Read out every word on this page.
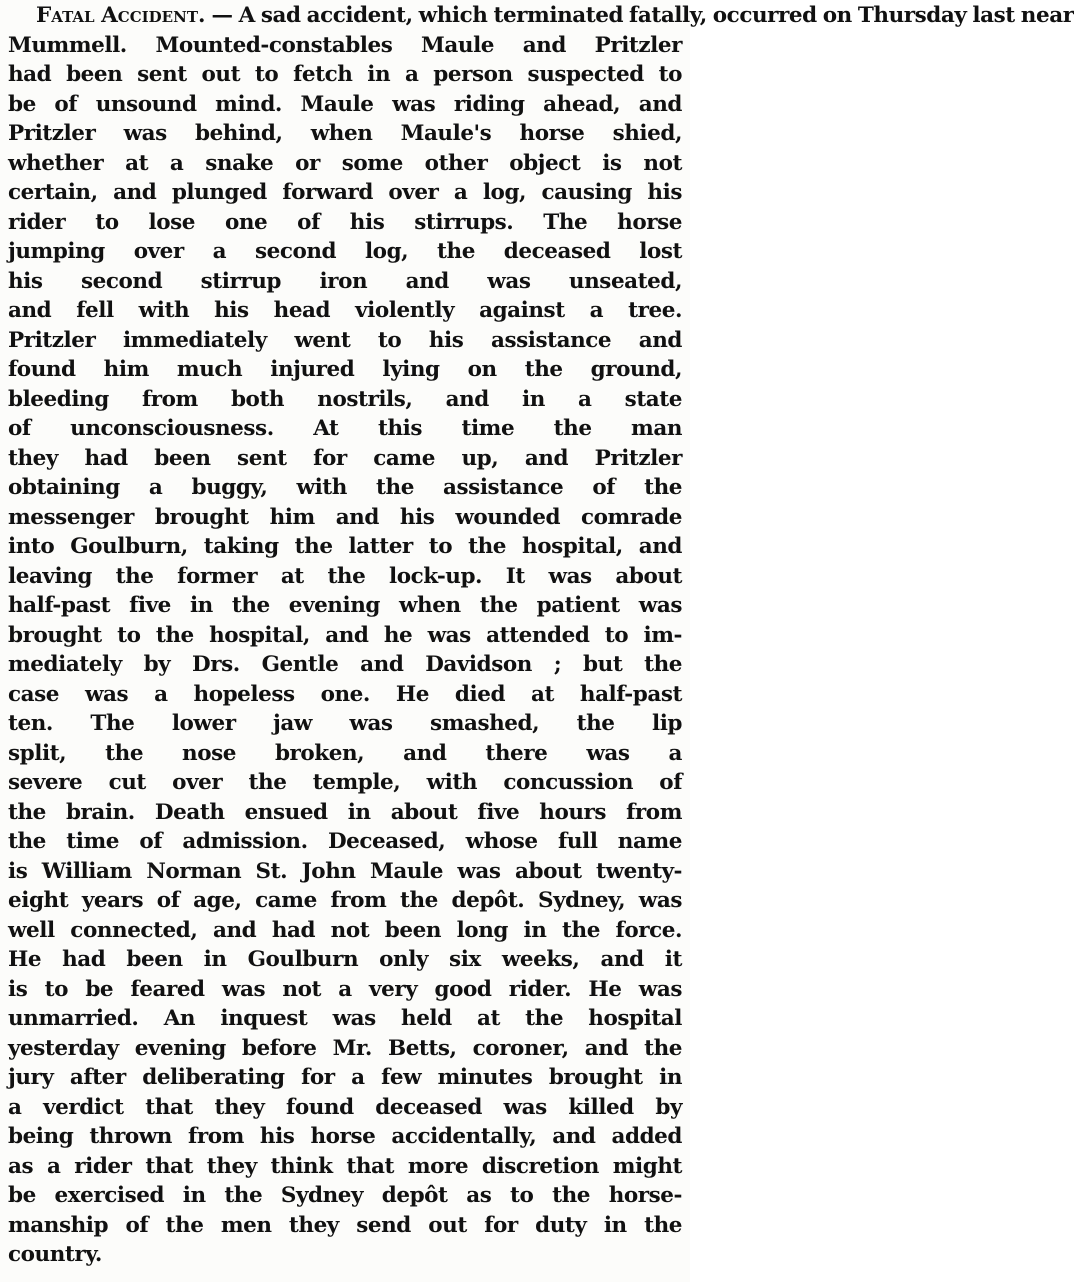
Fatal Accident. — A sad accident, which terminated fatally, occurred on Thursday last near
Mummell. Mounted-constables Maule and Pritzler
had been sent out to fetch in a person suspected to
be of unsound mind. Maule was riding ahead, and
Pritzler was behind, when Maule's horse shied,
whether at a snake or some other object is not
certain, and plunged forward over a log, causing his
rider to lose one of his stirrups. The horse
jumping over a second log, the deceased lost
his second stirrup iron and was unseated,
and fell with his head violently against a tree.
Pritzler immediately went to his assistance and
found him much injured lying on the ground,
bleeding from both nostrils, and in a state
of unconsciousness. At this time the man
they had been sent for came up, and Pritzler
obtaining a buggy, with the assistance of the
messenger brought him and his wounded comrade
into Goulburn, taking the latter to the hospital, and
leaving the former at the lock-up. It was about
half-past five in the evening when the patient was
brought to the hospital, and he was attended to im-
mediately by Drs. Gentle and Davidson ; but the
case was a hopeless one. He died at half-past
ten. The lower jaw was smashed, the lip
split, the nose broken, and there was a
severe cut over the temple, with concussion of
the brain. Death ensued in about five hours from
the time of admission. Deceased, whose full name
is William Norman St. John Maule was about twenty-
eight years of age, came from the depôt. Sydney, was
well connected, and had not been long in the force.
He had been in Goulburn only six weeks, and it
is to be feared was not a very good rider. He was
unmarried. An inquest was held at the hospital
yesterday evening before Mr. Betts, coroner, and the
jury after deliberating for a few minutes brought in
a verdict that they found deceased was killed by
being thrown from his horse accidentally, and added
as a rider that they think that more discretion might
be exercised in the Sydney depôt as to the horse-
manship of the men they send out for duty in the
country.
